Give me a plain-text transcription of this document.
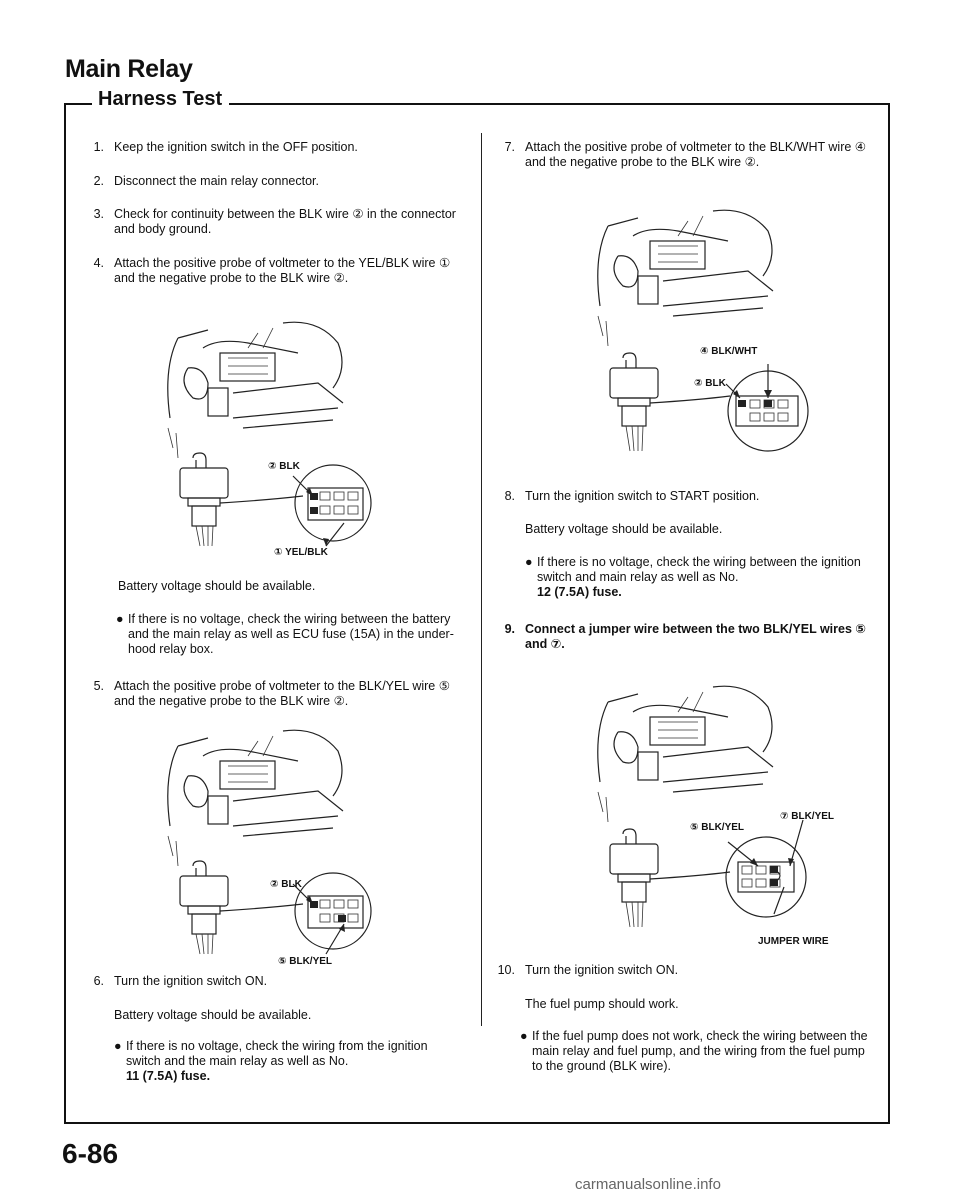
Main Relay
Harness Test
1. Keep the ignition switch in the OFF position.
2. Disconnect the main relay connector.
3. Check for continuity between the BLK wire ② in the connector and body ground.
4. Attach the positive probe of voltmeter to the YEL/BLK wire ① and the negative probe to the BLK wire ②.
② BLK
① YEL/BLK
Battery voltage should be available.
● If there is no voltage, check the wiring between the battery and the main relay as well as ECU fuse (15A) in the under-hood relay box.
5. Attach the positive probe of voltmeter to the BLK/YEL wire ⑤ and the negative probe to the BLK wire ②.
② BLK
⑤ BLK/YEL
6. Turn the ignition switch ON.
Battery voltage should be available.
● If there is no voltage, check the wiring from the ignition switch and the main relay as well as No.
11 (7.5A) fuse.
7. Attach the positive probe of voltmeter to the BLK/WHT wire ④ and the negative probe to the BLK wire ②.
④ BLK/WHT
② BLK
8. Turn the ignition switch to START position.
Battery voltage should be available.
● If there is no voltage, check the wiring between the ignition switch and main relay as well as No.
12 (7.5A) fuse.
9. Connect a jumper wire between the two BLK/YEL wires ⑤ and ⑦.
⑤ BLK/YEL
⑦ BLK/YEL
JUMPER WIRE
10. Turn the ignition switch ON.
The fuel pump should work.
● If the fuel pump does not work, check the wiring between the main relay and fuel pump, and the wiring from the fuel pump to the ground (BLK wire).
6-86
carmanualsonline.info
